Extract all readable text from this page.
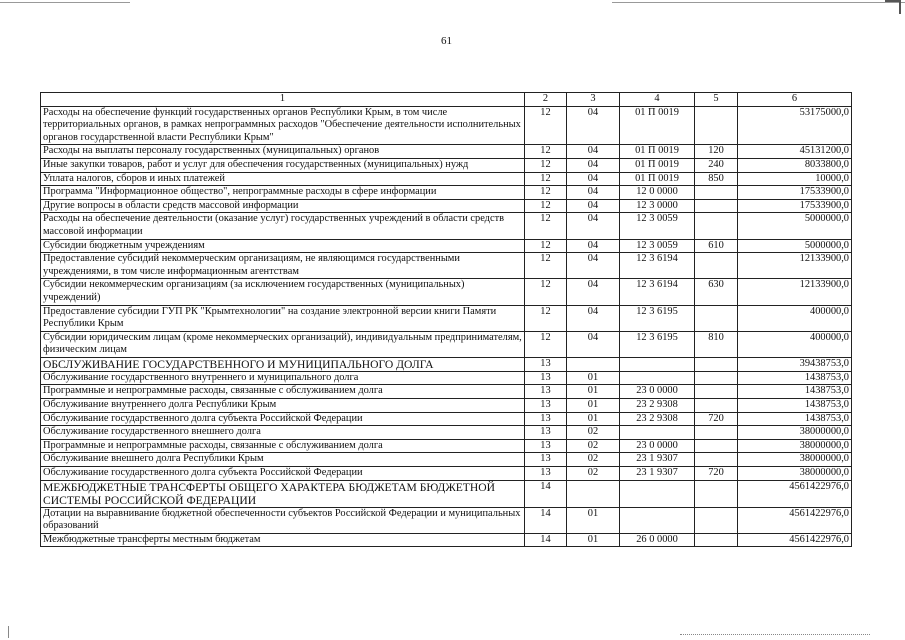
61
1	2	3	4	5	6
Расходы на обеспечение функций государственных органов Республики Крым, в том числе территориальных органов, в рамках непрограммных расходов "Обеспечение деятельности исполнительных органов государственной власти Республики Крым"	12	04	01 П 0019		53175000,0
Расходы на выплаты персоналу государственных (муниципальных) органов	12	04	01 П 0019	120	45131200,0
Иные закупки товаров, работ и услуг для обеспечения государственных (муниципальных) нужд	12	04	01 П 0019	240	8033800,0
Уплата налогов, сборов и иных платежей	12	04	01 П 0019	850	10000,0
Программа "Информационное общество", непрограммные расходы в сфере информации	12	04	12 0 0000		17533900,0
Другие вопросы в области средств массовой информации	12	04	12 3 0000		17533900,0
Расходы на обеспечение деятельности (оказание услуг) государственных учреждений в области средств массовой информации	12	04	12 3 0059		5000000,0
Субсидии бюджетным учреждениям	12	04	12 3 0059	610	5000000,0
Предоставление субсидий некоммерческим организациям, не являющимся государственными учреждениями, в том числе информационным агентствам	12	04	12 3 6194		12133900,0
Субсидии некоммерческим организациям (за исключением государственных (муниципальных) учреждений)	12	04	12 3 6194	630	12133900,0
Предоставление субсидии ГУП РК "Крымтехнологии" на создание электронной версии книги Памяти Республики Крым	12	04	12 3 6195		400000,0
Субсидии юридическим лицам (кроме некоммерческих организаций), индивидуальным предпринимателям, физическим лицам	12	04	12 3 6195	810	400000,0
ОБСЛУЖИВАНИЕ ГОСУДАРСТВЕННОГО И МУНИЦИПАЛЬНОГО ДОЛГА	13				39438753,0
Обслуживание государственного внутреннего и муниципального долга	13	01			1438753,0
Программные и непрограммные расходы, связанные с обслуживанием долга	13	01	23 0 0000		1438753,0
Обслуживание внутреннего долга Республики Крым	13	01	23 2 9308		1438753,0
Обслуживание государственного долга субъекта Российской Федерации	13	01	23 2 9308	720	1438753,0
Обслуживание государственного внешнего долга	13	02			38000000,0
Программные и непрограммные расходы, связанные с обслуживанием долга	13	02	23 0 0000		38000000,0
Обслуживание внешнего долга Республики Крым	13	02	23 1 9307		38000000,0
Обслуживание государственного долга субъекта Российской Федерации	13	02	23 1 9307	720	38000000,0
МЕЖБЮДЖЕТНЫЕ ТРАНСФЕРТЫ ОБЩЕГО ХАРАКТЕРА БЮДЖЕТАМ БЮДЖЕТНОЙ СИСТЕМЫ РОССИЙСКОЙ ФЕДЕРАЦИИ	14				4561422976,0
Дотации на выравнивание бюджетной обеспеченности субъектов Российской Федерации и муниципальных образований	14	01			4561422976,0
Межбюджетные трансферты местным бюджетам	14	01	26 0 0000		4561422976,0
